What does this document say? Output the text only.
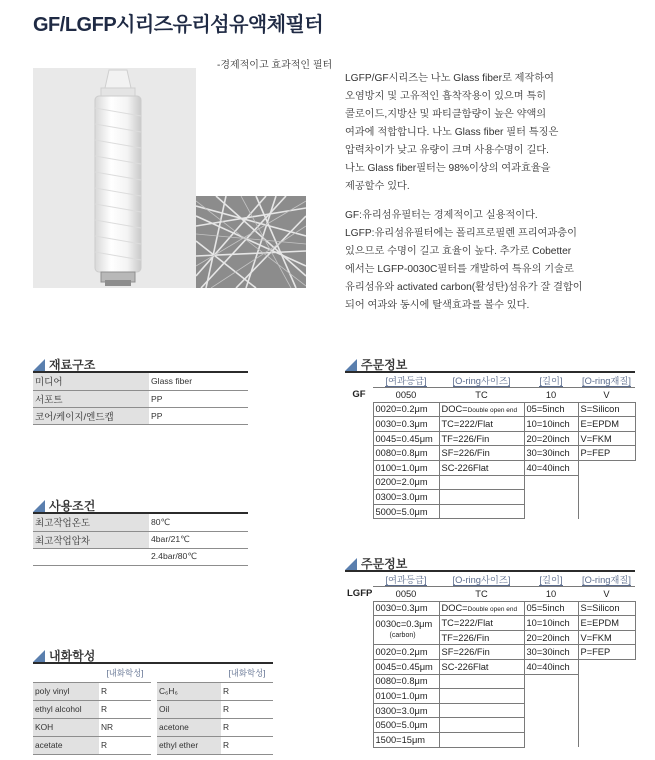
GF/LGFP시리즈유리섬유액체필터
-경제적이고 효과적인 필터
LGFP/GF시리즈는 나노 Glass fiber로 제작하여
오염방지 및 고유적인 흡착작용이 있으며 특히
콜로이드,지방산 및 파티클함량이 높은 약액의
여과에 적합합니다. 나노 Glass fiber 필터 특징은
압력차이가 낮고 유량이 크며 사용수명이 길다.
나노 Glass fiber필터는 98%이상의 여과효율을
제공할수 있다.
GF:유리섬유필터는 경제적이고 실용적이다.
LGFP:유리섬유필터에는 폴리프로필렌 프리여과층이
있으므로 수명이 길고 효율이 높다. 추가로 Cobetter
에서는 LGFP-0030C필터를 개발하여 특유의 기술로
유리섬유와 activated carbon(활성탄)섬유가 잘 결합이
되어 여과와 동시에 탈색효과를 볼수 있다.
재료구조
미디어	Glass fiber
서포트	PP
코어/케이지/엔드캡	PP
사용조건
최고작업온도	80℃
최고작업압차	4bar/21℃
	2.4bar/80℃
내화학성
	[내화학성]			[내화학성]
poly vinyl	R		C₆H₆	R
ethyl alcohol	R		Oil	R
KOH	NR		acetone	R
acetate	R		ethyl ether	R
주문정보
	[여과등급]	[O-ring사이즈]	[길이]	[O-ring재질]
GF	0050	TC	10	V
	0020=0.2μm	DOC=Double open end	05=5inch	S=Silicon
	0030=0.3μm	TC=222/Flat	10=10inch	E=EPDM
	0045=0.45μm	TF=226/Fin	20=20inch	V=FKM
	0080=0.8μm	SF=226/Fin	30=30inch	P=FEP
	0100=1.0μm	SC-226Flat	40=40inch	
	0200=2.0μm			
	0300=3.0μm			
	5000=5.0μm			
주문정보
	[여과등급]	[O-ring사이즈]	[길이]	[O-ring재질]
LGFP	0050	TC	10	V
	0030=0.3μm	DOC=Double open end	05=5inch	S=Silicon
	0030c=0.3μm
(carbon)	TC=222/Flat	10=10inch	E=EPDM
		TF=226/Fin	20=20inch	V=FKM
	0020=0.2μm	SF=226/Fin	30=30inch	P=FEP
	0045=0.45μm	SC-226Flat	40=40inch	
	0080=0.8μm			
	0100=1.0μm			
	0300=3.0μm			
	0500=5.0μm			
	1500=15μm			
